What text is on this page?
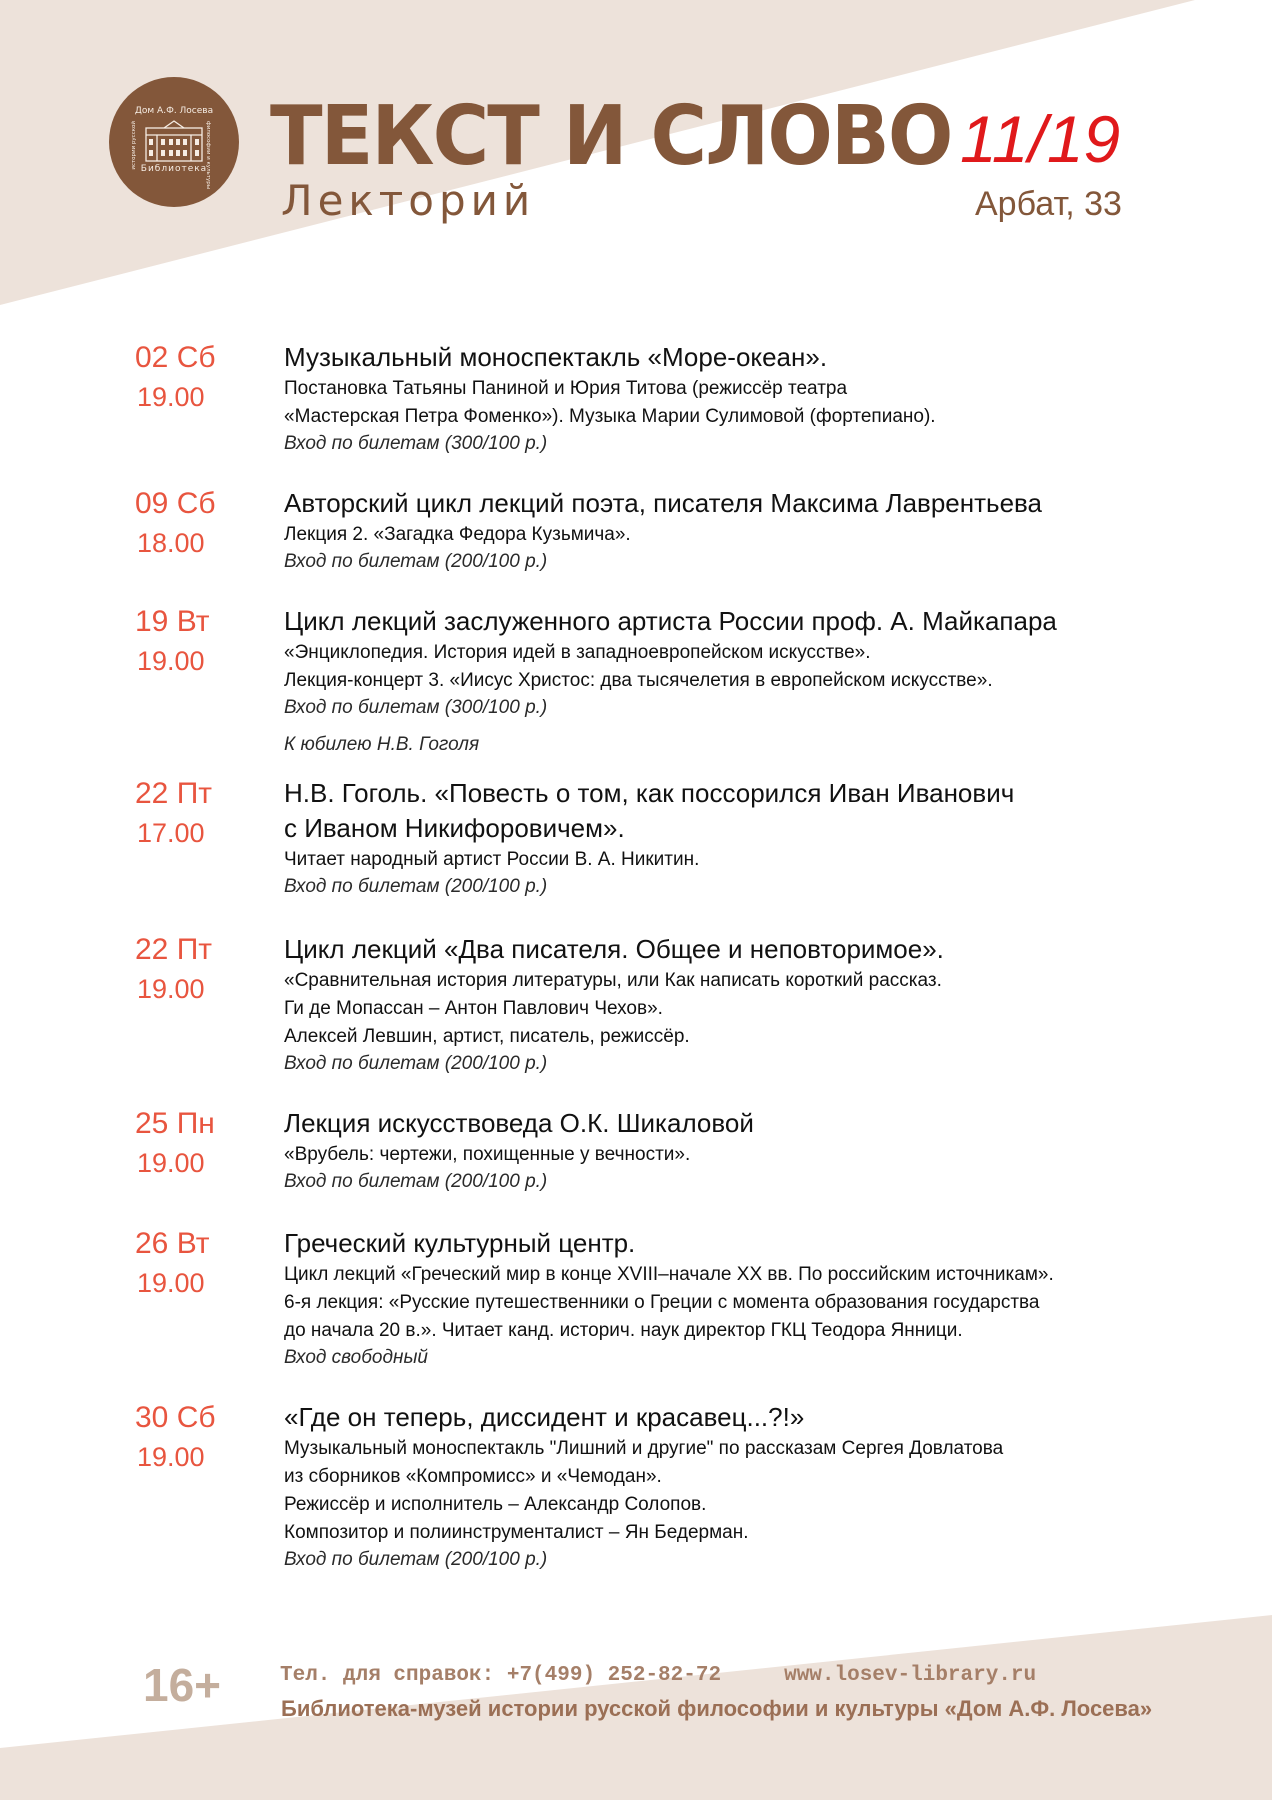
Дом А.Ф. Лосева
Библиотека
истории русской	философии и культуры ТЕКСТ И СЛОВО
Лекторий
11/19
Арбат, 33
02 Сб
19.00
Музыкальный моноспектакль «Море-океан».
Постановка Татьяны Паниной и Юрия Титова (режиссёр театра
«Мастерская Петра Фоменко»). Музыка Марии Сулимовой (фортепиано).
Вход по билетам (300/100 р.)
09 Сб
18.00
Авторский цикл лекций поэта, писателя Максима Лаврентьева
Лекция 2. «Загадка Федора Кузьмича».
Вход по билетам (200/100 р.)
19 Вт
19.00
Цикл лекций заслуженного артиста России проф. А. Майкапара
«Энциклопедия. История идей в западноевропейском искусстве».
Лекция-концерт 3. «Иисус Христос: два тысячелетия в европейском искусстве».
Вход по билетам (300/100 р.)
К юбилею Н.В. Гоголя
22 Пт
17.00
Н.В. Гоголь. «Повесть о том, как поссорился Иван Иванович
с Иваном Никифоровичем».
Читает народный артист России В. А. Никитин.
Вход по билетам (200/100 р.)
22 Пт
19.00
Цикл лекций «Два писателя. Общее и неповторимое».
«Сравнительная история литературы, или Как написать короткий рассказ.
Ги де Мопассан – Антон Павлович Чехов».
Алексей Левшин, артист, писатель, режиссёр.
Вход по билетам (200/100 р.)
25 Пн
19.00
Лекция искусствоведа О.К. Шикаловой
«Врубель: чертежи, похищенные у вечности».
Вход по билетам (200/100 р.)
26 Вт
19.00
Греческий культурный центр.
Цикл лекций «Греческий мир в конце XVIII–начале XX вв. По российским источникам».
6-я лекция: «Русские путешественники о Греции с момента образования государства
до начала 20 в.». Читает канд. историч. наук директор ГКЦ Теодора Янници.
Вход свободный
30 Сб
19.00
«Где он теперь, диссидент и красавец...?!»
Музыкальный моноспектакль "Лишний и другие" по рассказам Сергея Довлатова
из сборников «Компромисс» и «Чемодан».
Режиссёр и исполнитель – Александр Солопов.
Композитор и полиинструменталист – Ян Бедерман.
Вход по билетам (200/100 р.)
16+	Тел. для справок: +7(499) 252-82-72	www.losev-library.ru
Библиотека-музей истории русской философии и культуры «Дом А.Ф. Лосева»
